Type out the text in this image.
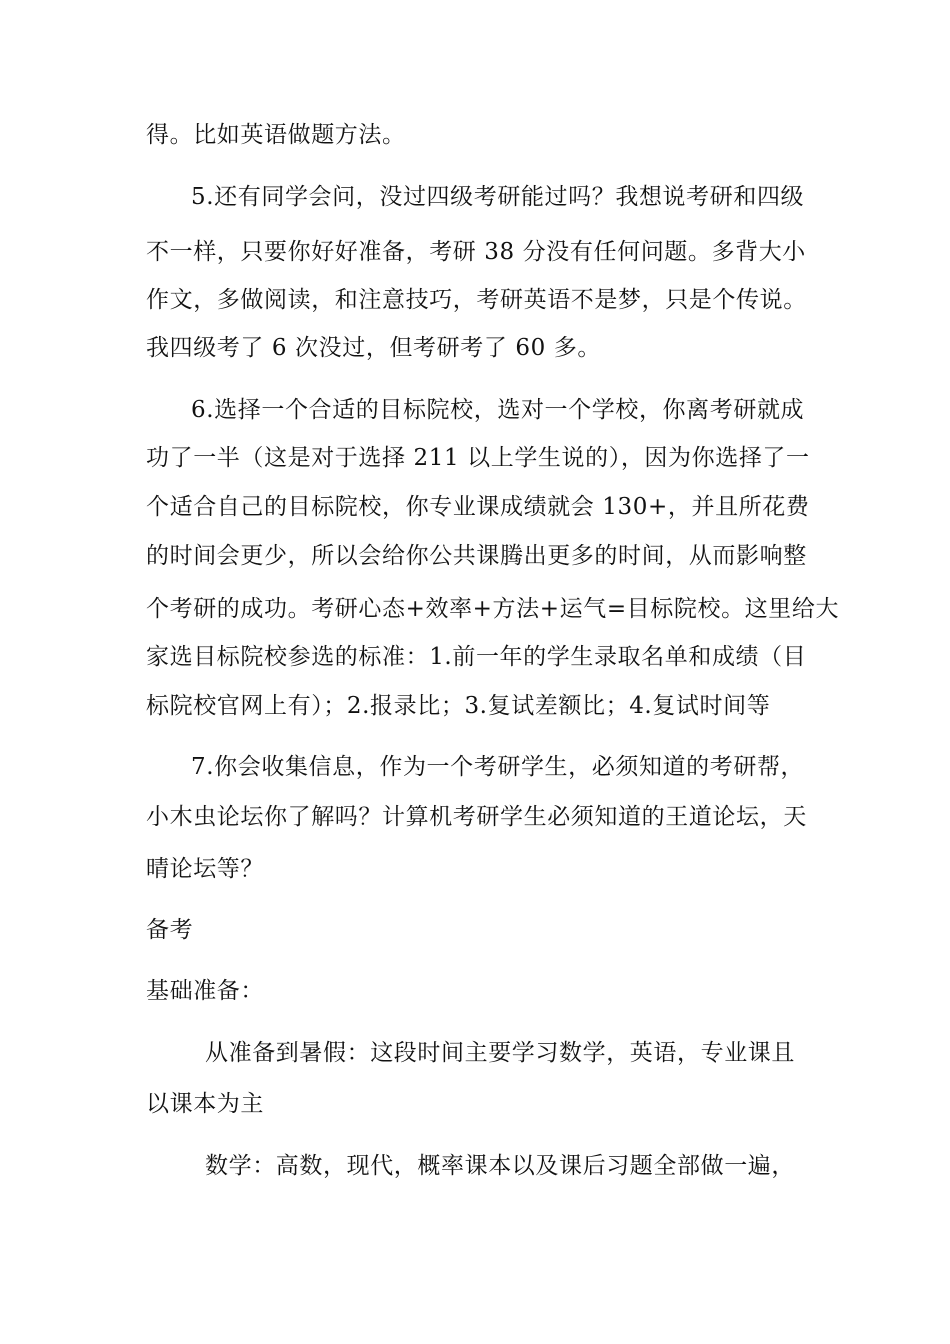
得。比如英语做题方法。
5.还有同学会问，没过四级考研能过吗？我想说考研和四级
不一样，只要你好好准备，考研 38 分没有任何问题。多背大小
作文，多做阅读，和注意技巧，考研英语不是梦，只是个传说。
我四级考了 6 次没过，但考研考了 60 多。
6.选择一个合适的目标院校，选对一个学校，你离考研就成
功了一半（这是对于选择 211 以上学生说的），因为你选择了一
个适合自己的目标院校，你专业课成绩就会 130+，并且所花费
的时间会更少，所以会给你公共课腾出更多的时间，从而影响整
个考研的成功。考研心态+效率+方法+运气=目标院校。这里给大
家选目标院校参选的标准：1.前一年的学生录取名单和成绩（目
标院校官网上有）；2.报录比；3.复试差额比；4.复试时间等
7.你会收集信息，作为一个考研学生，必须知道的考研帮，
小木虫论坛你了解吗？计算机考研学生必须知道的王道论坛，天
晴论坛等？
备考
基础准备：
从准备到暑假：这段时间主要学习数学，英语，专业课且
以课本为主
数学：高数，现代，概率课本以及课后习题全部做一遍，
